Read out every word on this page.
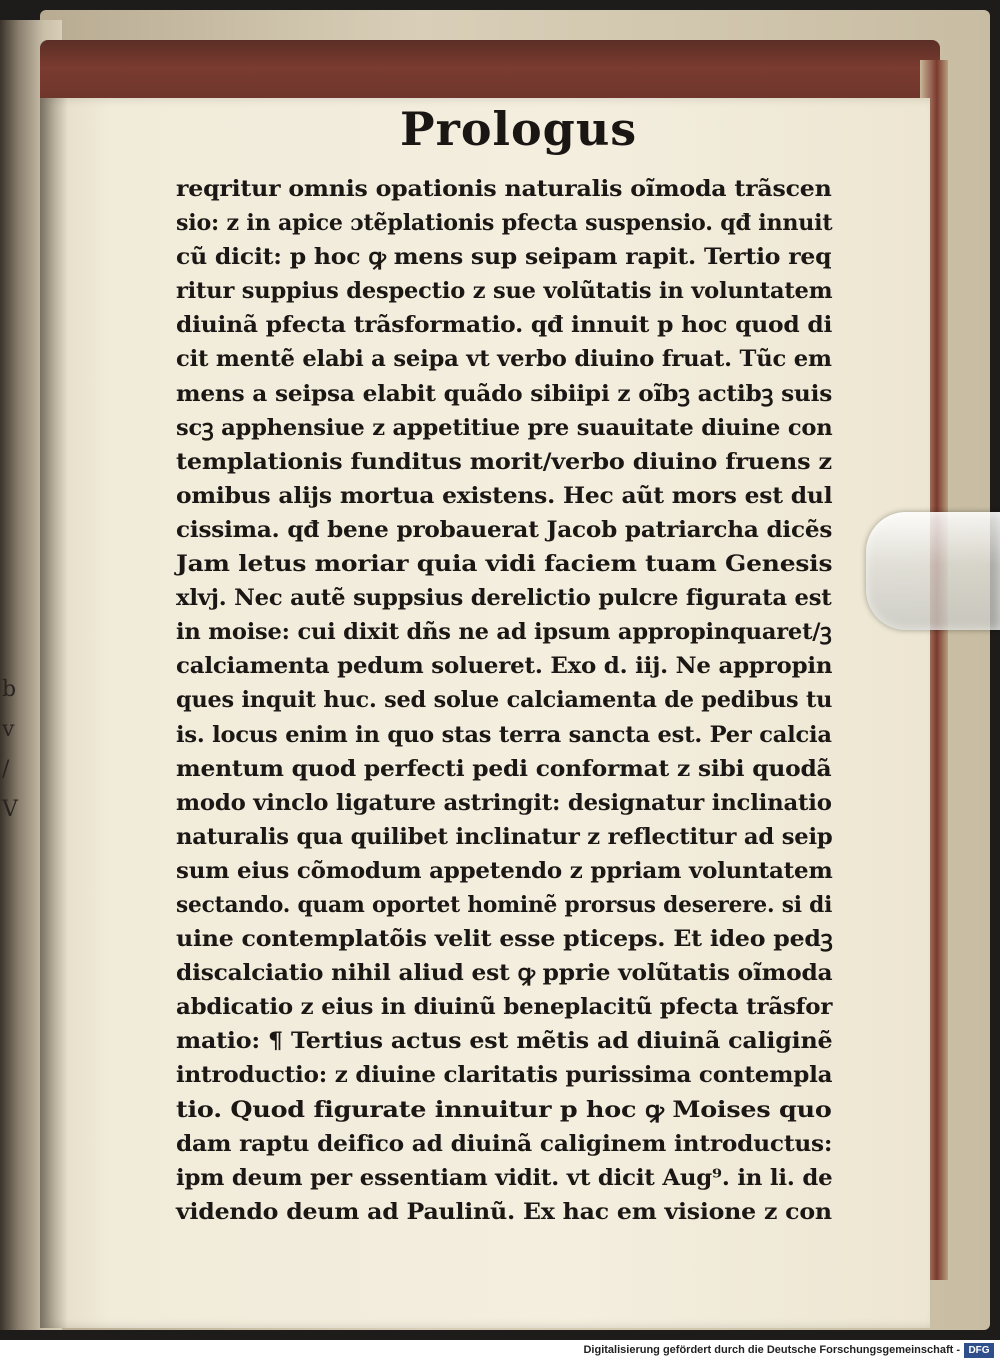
b
v
/
V
Prologus
reqritur omnis opationis naturalis oĩmoda trãscen
sio: z in apice ɔtẽplationis pfecta suspensio. qđ innuit
cũ dicit: p hoc ꝙ mens sup seipam rapit. Tertio req
ritur suppius despectio z sue volũtatis in voluntatem
diuinã pfecta trãsformatio. qđ innuit p hoc quod di
cit mentẽ elabi a seipa vt verbo diuino fruat. Tũc em
mens a seipsa elabit quãdo sibiipi z oĩbꝫ actibꝫ suis
scꝫ apphensiue z appetitiue pre suauitate diuine con
templationis funditus morit/verbo diuino fruens z
omibus alijs mortua existens. Hec aũt mors est dul
cissima. qđ bene probauerat Jacob patriarcha dicẽs
Jam letus moriar quia vidi faciem tuam Genesis
xlvj. Nec autẽ suppsius derelictio pulcre figurata est
in moise: cui dixit dñs ne ad ipsum appropinquaret/ꝫ
calciamenta pedum solueret. Exo d. iij. Ne appropin
ques inquit huc. sed solue calciamenta de pedibus tu
is. locus enim in quo stas terra sancta est. Per calcia
mentum quod perfecti pedi conformat z sibi quodã
modo vinclo ligature astringit: designatur inclinatio
naturalis qua quilibet inclinatur z reflectitur ad seip
sum eius cõmodum appetendo z ppriam voluntatem
sectando. quam oportet hominẽ prorsus deserere. si di
uine contemplatõis velit esse pticeps. Et ideo pedꝫ
discalciatio nihil aliud est ꝙ pprie volũtatis oĩmoda
abdicatio z eius in diuinũ beneplacitũ pfecta trãsfor
matio: ¶ Tertius actus est mẽtis ad diuinã caliginẽ
introductio: z diuine claritatis purissima contempla
tio. Quod figurate innuitur p hoc ꝙ Moises quo
dam raptu deifico ad diuinã caliginem introductus:
ipm deum per essentiam vidit. vt dicit Aug⁹. in li. de
videndo deum ad Paulinũ. Ex hac em visione z con
Digitalisierung gefördert durch die Deutsche Forschungsgemeinschaft - DFG
